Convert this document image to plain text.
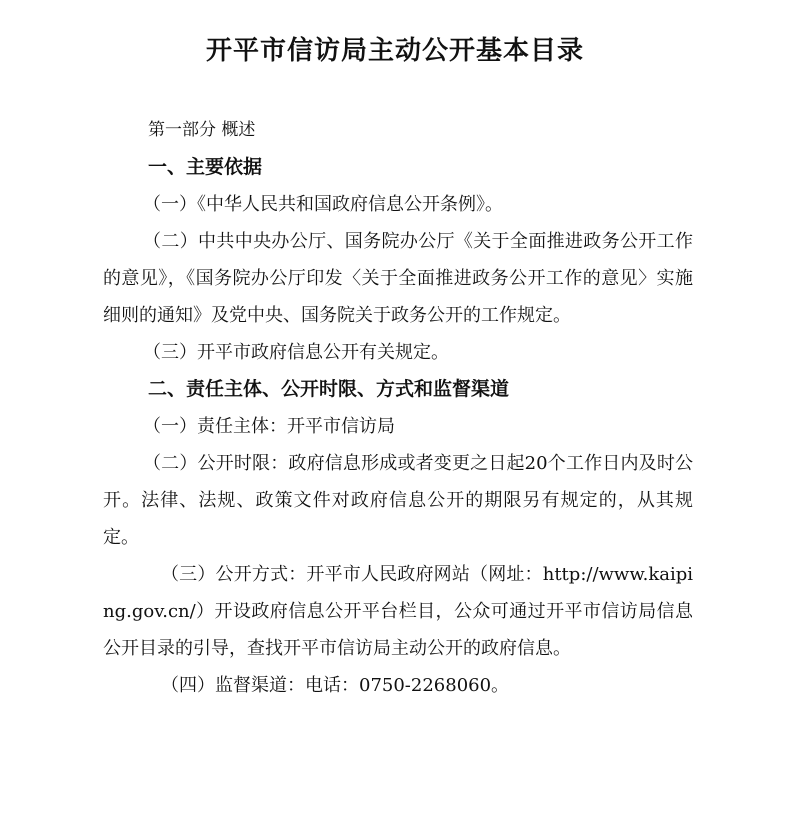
开平市信访局主动公开基本目录

第一部分 概述

一、主要依据

（一）《中华人民共和国政府信息公开条例》。

（二）中共中央办公厅、国务院办公厅《关于全面推进政务公开工作的意见》，《国务院办公厅印发〈关于全面推进政务公开工作的意见〉实施细则的通知》及党中央、国务院关于政务公开的工作规定。

（三）开平市政府信息公开有关规定。

二、责任主体、公开时限、方式和监督渠道

（一）责任主体：开平市信访局

（二）公开时限：政府信息形成或者变更之日起20个工作日内及时公开。法律、法规、政策文件对政府信息公开的期限另有规定的，从其规定。

（三）公开方式：开平市人民政府网站（网址：http://www.kaiping.gov.cn/）开设政府信息公开平台栏目，公众可通过开平市信访局信息公开目录的引导，查找开平市信访局主动公开的政府信息。

（四）监督渠道：电话：0750-2268060。
